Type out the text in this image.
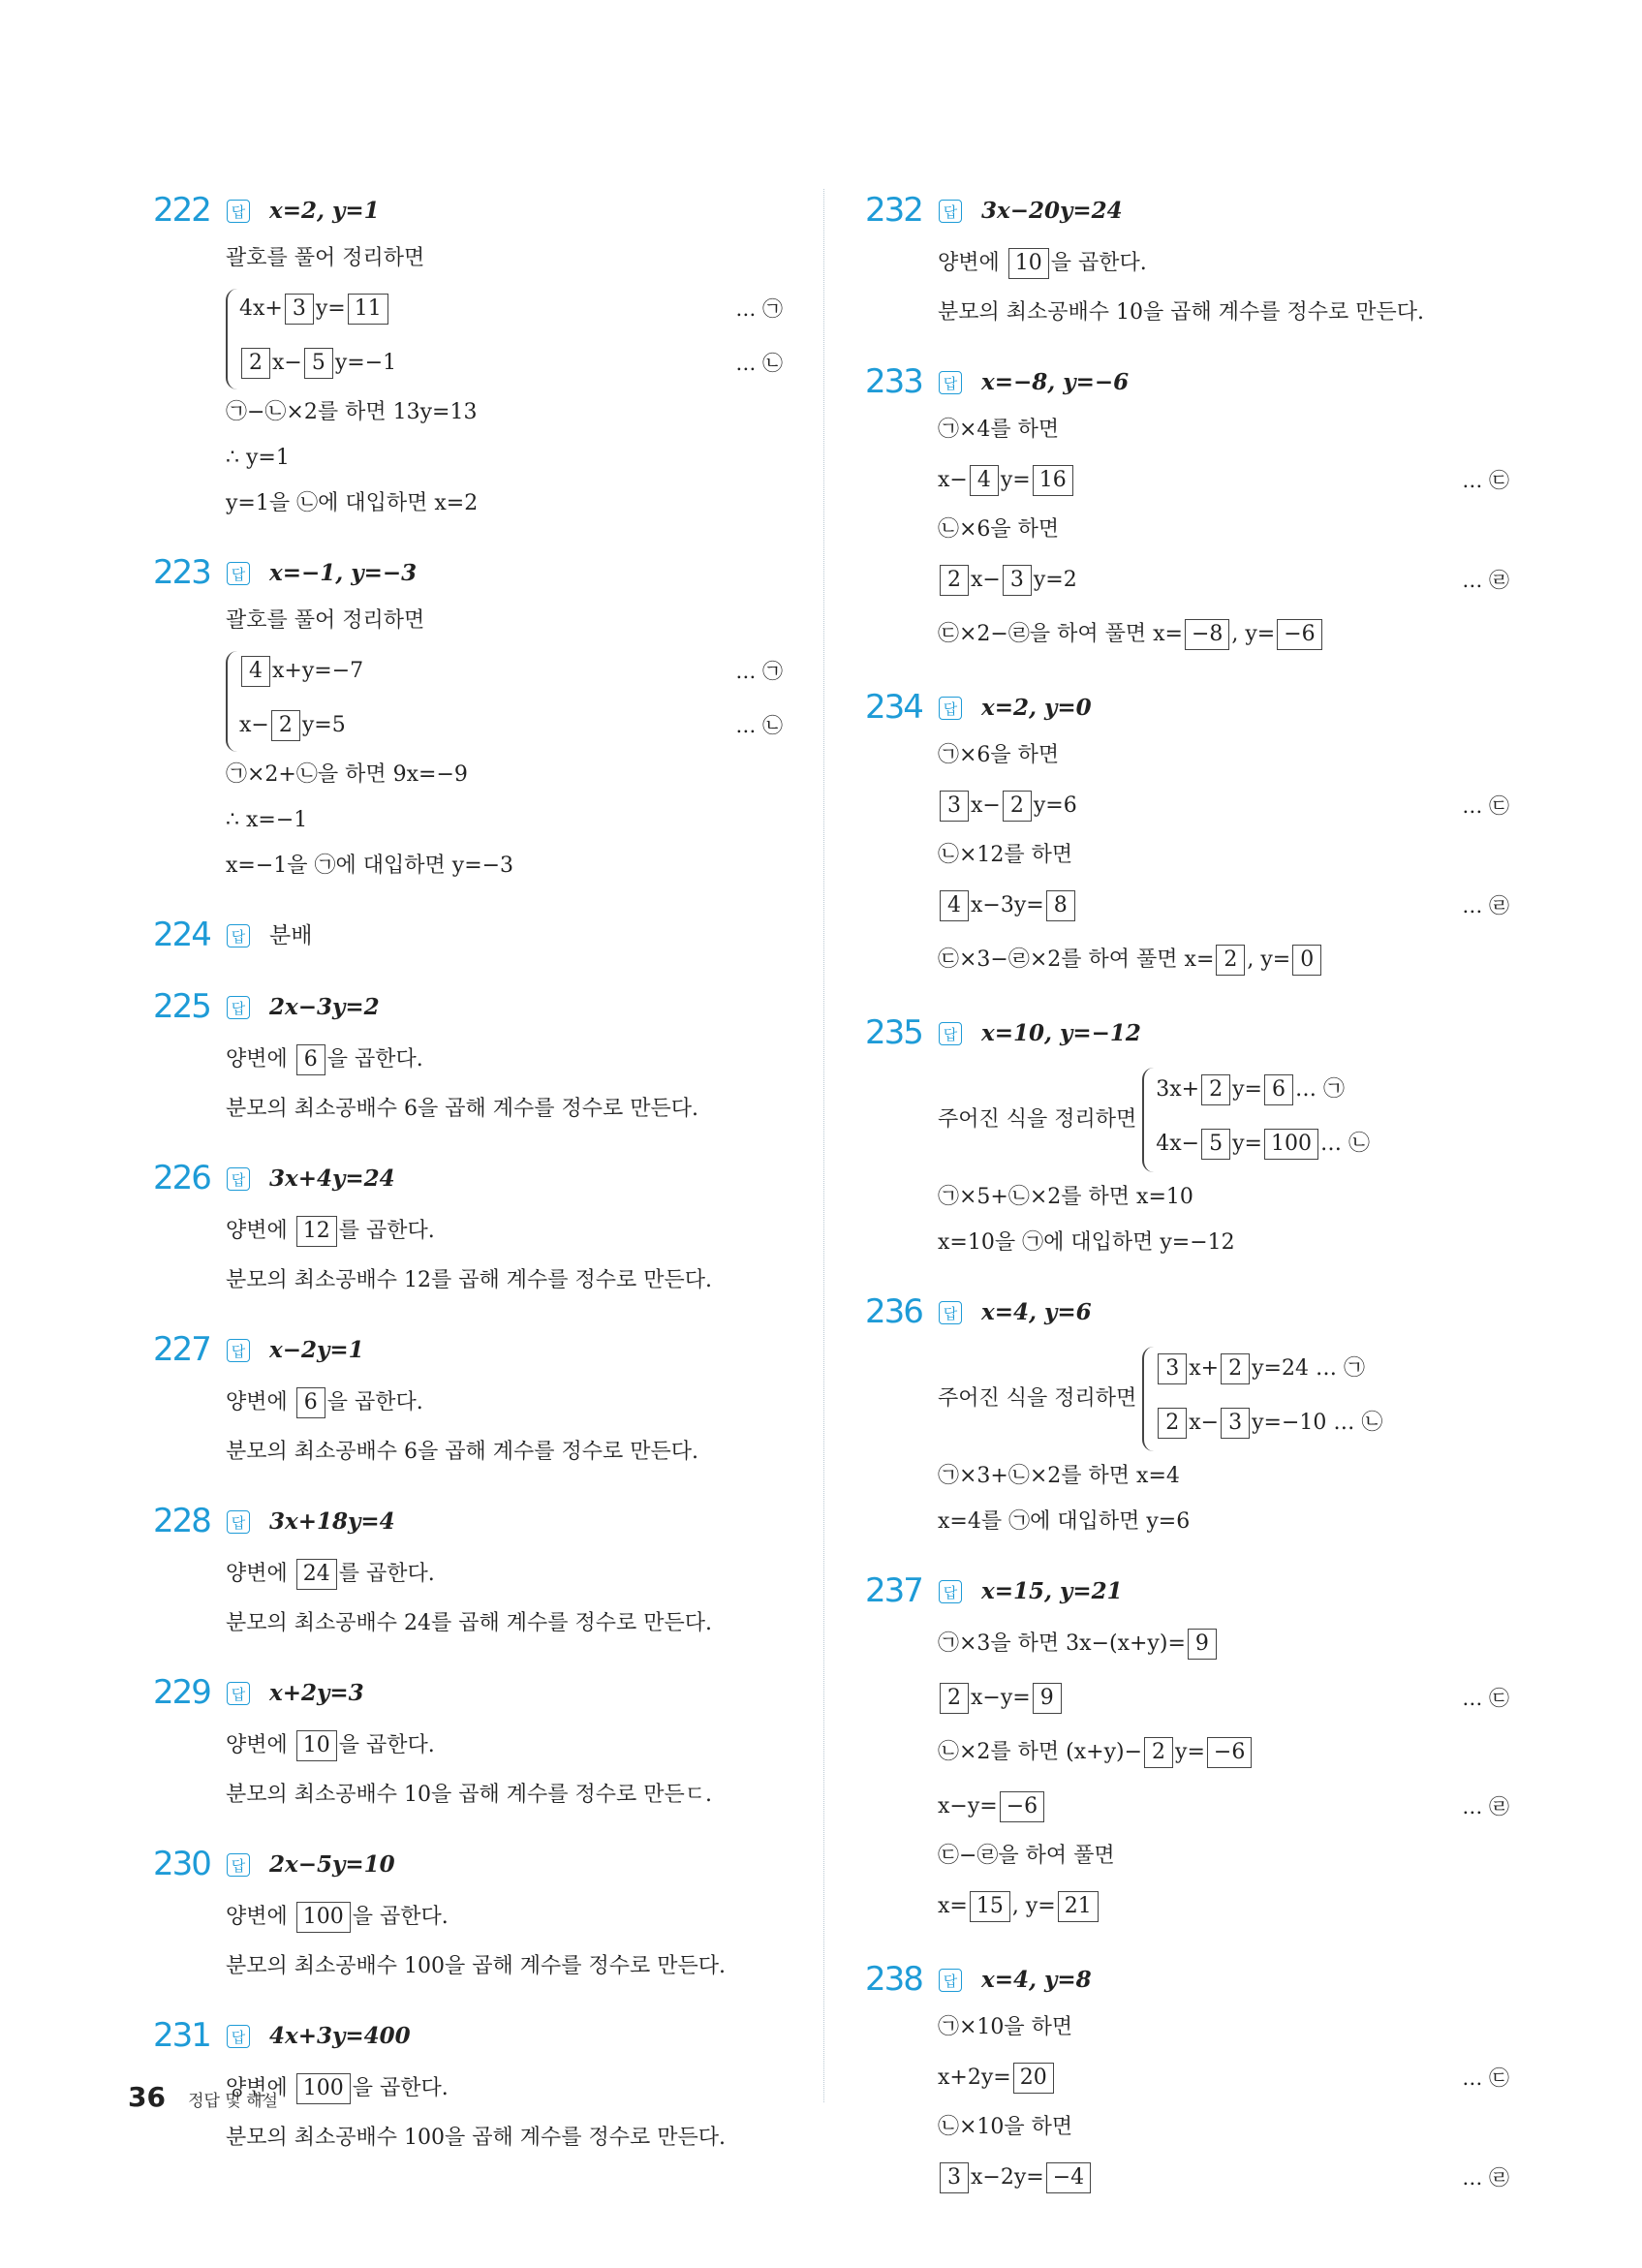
222	답 x=2, y=1
괄호를 풀어 정리하면
4x+ 3 y= 11	… ㉠
2 x− 5 y=−1	… ㉡
㉠−㉡×2를 하면 13y=13
∴ y=1
y=1을 ㉡에 대입하면 x=2
223	답 x=−1, y=−3
괄호를 풀어 정리하면
4 x+y=−7	… ㉠
x− 2 y=5	… ㉡
㉠×2+㉡을 하면 9x=−9
∴ x=−1
x=−1을 ㉠에 대입하면 y=−3
224	답 분배
225	답 2x−3y=2
양변에 6 을 곱한다.
분모의 최소공배수 6을 곱해 계수를 정수로 만든다.
226	답 3x+4y=24
양변에 12 를 곱한다.
분모의 최소공배수 12를 곱해 계수를 정수로 만든다.
227	답 x−2y=1
양변에 6 을 곱한다.
분모의 최소공배수 6을 곱해 계수를 정수로 만든다.
228	답 3x+18y=4
양변에 24 를 곱한다.
분모의 최소공배수 24를 곱해 계수를 정수로 만든다.
229	답 x+2y=3
양변에 10 을 곱한다.
분모의 최소공배수 10을 곱해 계수를 정수로 만든ㄷ.
230	답 2x−5y=10
양변에 100 을 곱한다.
분모의 최소공배수 100을 곱해 계수를 정수로 만든다.
231	답 4x+3y=400
양변에 100 을 곱한다.
분모의 최소공배수 100을 곱해 계수를 정수로 만든다.
232	답 3x−20y=24
양변에 10 을 곱한다.
분모의 최소공배수 10을 곱해 계수를 정수로 만든다.
233	답 x=−8, y=−6
㉠×4를 하면
x− 4 y= 16	… ㉢
㉡×6을 하면
2 x− 3 y=2	… ㉣
㉢×2−㉣을 하여 풀면 x= −8 , y= −6
234	답 x=2, y=0
㉠×6을 하면
3 x− 2 y=6	… ㉢
㉡×12를 하면
4 x−3y= 8	… ㉣
㉢×3−㉣×2를 하여 풀면 x= 2 , y= 0
235	답 x=10, y=−12
주어진 식을 정리하면
3x+ 2 y= 6 … ㉠
4x− 5 y= 100 … ㉡
㉠×5+㉡×2를 하면 x=10
x=10을 ㉠에 대입하면 y=−12
236	답 x=4, y=6
주어진 식을 정리하면
3 x+ 2 y=24 … ㉠
2 x− 3 y=−10 … ㉡
㉠×3+㉡×2를 하면 x=4
x=4를 ㉠에 대입하면 y=6
237	답 x=15, y=21
㉠×3을 하면 3x−(x+y)= 9
2 x−y= 9	… ㉢
㉡×2를 하면 (x+y)− 2 y= −6
x−y= −6	… ㉣
㉢−㉣을 하여 풀면
x= 15 , y= 21
238	답 x=4, y=8
㉠×10을 하면
x+2y= 20	… ㉢
㉡×10을 하면
3 x−2y= −4	… ㉣
36 정답 및 해설
